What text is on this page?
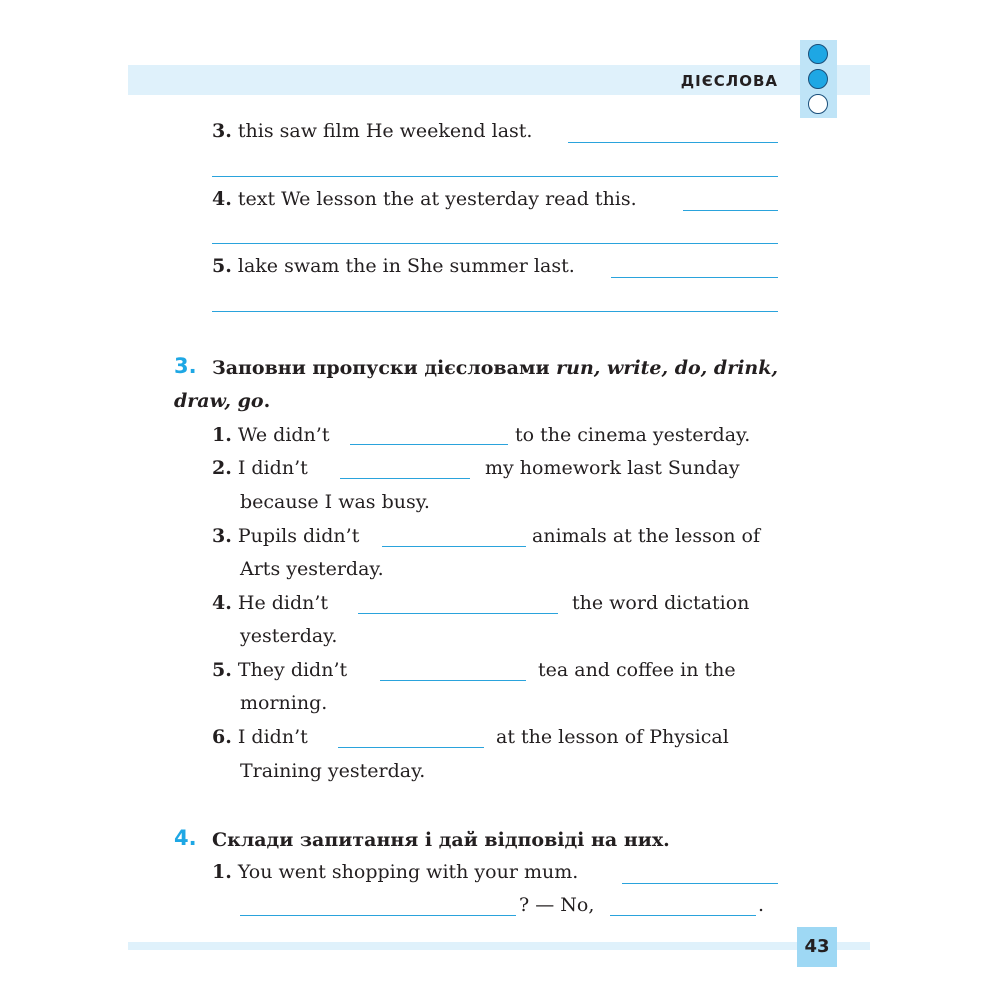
ДІЄСЛОВА
3. this saw film He weekend last.
4. text We lesson the at yesterday read this.
5. lake swam the in She summer last.
3. Заповни пропуски дієсловами run, write, do, drink,
draw, go.
1. We didn’t	to the cinema yesterday.
2. I didn’t	my homework last Sunday
because I was busy.
3. Pupils didn’t	animals at the lesson of
Arts yesterday.
4. He didn’t	the word dictation
yesterday.
5. They didn’t	tea and coffee in the
morning.
6. I didn’t	at the lesson of Physical
Training yesterday.
4. Склади запитання і дай відповіді на них.
1. You went shopping with your mum.
? — No,	.
43
